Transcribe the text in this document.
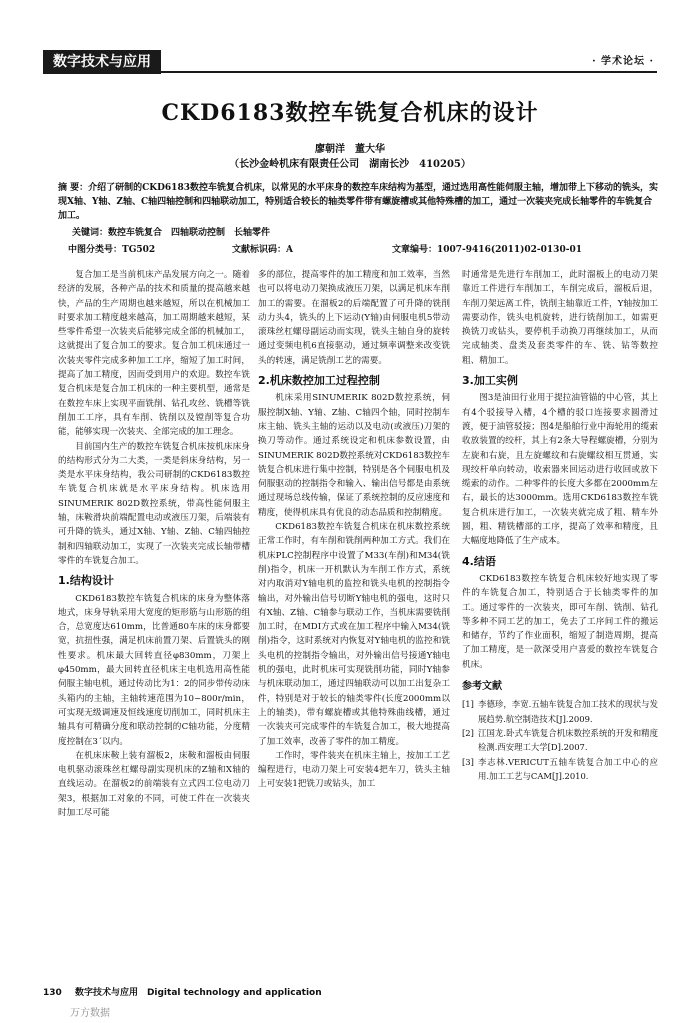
数字技术与应用	· 学术论坛 ·
CKD6183数控车铣复合机床的设计
廖朝洋　董大华
（长沙金岭机床有限责任公司　湖南长沙　410205）
摘 要：介绍了研制的CKD6183数控车铣复合机床，以常见的水平床身的数控车床结构为基型，通过选用高性能伺服主轴，增加带上下移动的铣头，实现X轴、Y轴、Z轴、C轴四轴控制和四轴联动加工，特别适合较长的轴类零件带有螺旋槽或其他特殊槽的加工，通过一次装夹完成长轴零件的车铣复合加工。
关键词：数控车铣复合　四轴联动控制　长轴零件
中图分类号：TG502	文献标识码：A	文章编号：1007-9416(2011)02-0130-01

复合加工是当前机床产品发展方向之一。随着经济的发展，各种产品的技术和质量的提高越来越快，产品的生产周期也越来越短，所以在机械加工时要求加工精度越来越高，加工周期越来越短，某些零件希望一次装夹后能够完成全部的机械加工，这就提出了复合加工的要求。复合加工机床通过一次装夹零件完成多种加工工序，缩短了加工时间，提高了加工精度，因而受到用户的欢迎。数控车铣复合机床是复合加工机床的一种主要机型，通常是在数控车床上实现平面铣削、钻孔攻丝、铣槽等铣削加工工序，具有车削、铣削以及镗削等复合功能，能够实现一次装夹、全部完成的加工理念。

目前国内生产的数控车铣复合机床按机床床身的结构形式分为二大类，一类是斜床身结构，另一类是水平床身结构，我公司研制的CKD6183数控车铣复合机床就是水平床身结构。机床选用SINUMERIK 802D数控系统，带高性能伺服主轴，床鞍滑块前端配置电动或液压刀架，后端装有可升降的铣头，通过X轴、Y轴、Z轴、C轴四轴控制和四轴联动加工，实现了一次装夹完成长轴带槽零件的车铣复合加工。

1.结构设计

CKD6183数控车铣复合机床的床身为整体落地式，床身导轨采用大宽度的矩形筋与山形筋的组合，总宽度达610mm，比普通80车床的床身都要宽，抗扭性强，满足机床前置刀架、后置铣头的刚性要求。机床最大回转直径φ830mm，刀架上φ450mm，最大回转直径机床主电机选用高性能伺服主轴电机，通过传动比为1：2的同步带传动床头箱内的主轴，主轴转速范围为10~800r/min，可实现无级调速及恒线速度切削加工，同时机床主轴具有可精确分度和联动控制的C轴功能，分度精度控制在3´以内。

在机床床鞍上装有溜板2，床鞍和溜板由伺服电机驱动滚珠丝杠螺母副实现机床的Z轴和X轴的直线运动。在溜板2的前端装有立式四工位电动刀架3，根据加工对象的不同，可使工件在一次装夹时加工尽可能

多的部位，提高零件的加工精度和加工效率，当然也可以将电动刀架换成液压刀架，以满足机床车削加工的需要。在溜板2的后端配置了可升降的铣削动力头4，铣头的上下运动(Y轴)由伺服电机5带动滚珠丝杠螺母副运动而实现，铣头主轴自身的旋转通过变频电机6直接驱动，通过频率调整来改变铣头的转速，满足铣削工艺的需要。

2.机床数控加工过程控制

机床采用SINUMERIK 802D数控系统，伺服控制X轴、Y轴、Z轴、C轴四个轴，同时控制车床主轴、铣头主轴的运动以及电动(或液压)刀架的换刀等动作。通过系统设定和机床参数设置，由SINUMERIK 802D数控系统对CKD6183数控车铣复合机床进行集中控制，特别是各个伺服电机及伺服驱动的控制指令和输入、输出信号都是由系统通过现场总线传输，保证了系统控制的反应速度和精度，使得机床具有优良的动态品质和控制精度。

CKD6183数控车铣复合机床在机床数控系统正常工作时，有车削和铣削两种加工方式。我们在机床PLC控制程序中设置了M33(车削)和M34(铣削)指令，机床一开机默认为车削工作方式，系统对内取消对Y轴电机的监控和铣头电机的控制指令输出，对外输出信号切断Y轴电机的强电，这时只有X轴、Z轴、C轴参与联动工作，当机床需要铣削加工时，在MDI方式或在加工程序中输入M34(铣削)指令，这时系统对内恢复对Y轴电机的监控和铣头电机的控制指令输出，对外输出信号接通Y轴电机的强电，此时机床可实现铣削功能，同时Y轴参与机床联动加工，通过四轴联动可以加工出复杂工件，特别是对于较长的轴类零件(长度2000mm以上的轴类)，带有螺旋槽或其他特殊曲线槽，通过一次装夹可完成零件的车铣复合加工，极大地提高了加工效率，改善了零件的加工精度。

工作时，零件装夹在机床主轴上，按加工工艺编程进行，电动刀架上可安装4把车刀，铣头主轴上可安装1把铣刀或钻头，加工

时通常是先进行车削加工，此时溜板上的电动刀架靠近工件进行车削加工，车削完成后，溜板后退，车削刀架远离工件，铣削主轴靠近工件，Y轴按加工需要动作，铣头电机旋转，进行铣削加工，如需更换铣刀或钻头，要停机手动换刀再继续加工，从而完成轴类、盘类及套类零件的车、铣、钻等数控粗、精加工。

3.加工实例

图3是油田行业用于提拉油管锚的中心管，其上有4个驳接导入槽，4个槽的驳口连接要求圆滑过渡，便于油管驳接；图4是船舶行业中海轮用的缆索收放装置的绞杆，其上有2条大导程螺旋槽，分别为左旋和右旋，且左旋螺纹和右旋螺纹相互贯通，实现绞杆单向转动，收索器来回运动进行收回或放下缆索的动作。二种零件的长度大多都在2000mm左右，最长的达3000mm。选用CKD6183数控车铣复合机床进行加工，一次装夹就完成了粗、精车外圆，粗、精铣槽部的工序，提高了效率和精度，且大幅度地降低了生产成本。

4.结语

CKD6183数控车铣复合机床较好地实现了零件的车铣复合加工，特别适合于长轴类零件的加工。通过零件的一次装夹，即可车削、铣削、钻孔等多种不同工艺的加工，免去了工序间工件的搬运和储存，节约了作业面积，缩短了制造周期，提高了加工精度，是一款深受用户喜爱的数控车铣复合机床。

参考文献

[1] 李德珍，李宽.五轴车铣复合加工技术的现状与发展趋势.航空制造技术[J].2009.

[2] 江国龙.卧式车铣复合机床数控系统的开发和精度检测.西安理工大学[D].2007.

[3] 李志林.VERICUT五轴车铣复合加工中心的应用.加工工艺与CAM[J].2010.

130 数字技术与应用　Digital technology and application
万方数据
